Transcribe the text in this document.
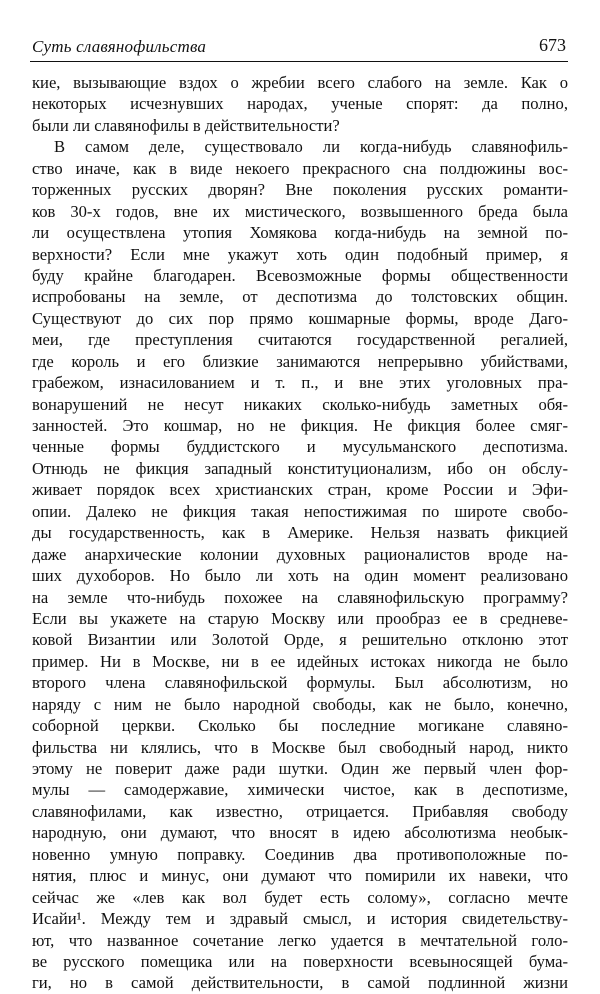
Суть славянофильства	673
кие, вызывающие вздох о жребии всего слабого на земле. Как о
некоторых исчезнувших народах, ученые спорят: да полно,
были ли славянофилы в действительности?
В самом деле, существовало ли когда-нибудь славянофиль-
ство иначе, как в виде некоего прекрасного сна полдюжины вос-
торженных русских дворян? Вне поколения русских романти-
ков 30-х годов, вне их мистического, возвышенного бреда была
ли осуществлена утопия Хомякова когда-нибудь на земной по-
верхности? Если мне укажут хоть один подобный пример, я
буду крайне благодарен. Всевозможные формы общественности
испробованы на земле, от деспотизма до толстовских общин.
Существуют до сих пор прямо кошмарные формы, вроде Даго-
меи, где преступления считаются государственной регалией,
где король и его близкие занимаются непрерывно убийствами,
грабежом, изнасилованием и т. п., и вне этих уголовных пра-
вонарушений не несут никаких сколько-нибудь заметных обя-
занностей. Это кошмар, но не фикция. Не фикция более смяг-
ченные формы буддистского и мусульманского деспотизма.
Отнюдь не фикция западный конституционализм, ибо он обслу-
живает порядок всех христианских стран, кроме России и Эфи-
опии. Далеко не фикция такая непостижимая по широте свобо-
ды государственность, как в Америке. Нельзя назвать фикцией
даже анархические колонии духовных рационалистов вроде на-
ших духоборов. Но было ли хоть на один момент реализовано
на земле что-нибудь похожее на славянофильскую программу?
Если вы укажете на старую Москву или прообраз ее в средневе-
ковой Византии или Золотой Орде, я решительно отклоню этот
пример. Ни в Москве, ни в ее идейных истоках никогда не было
второго члена славянофильской формулы. Был абсолютизм, но
наряду с ним не было народной свободы, как не было, конечно,
соборной церкви. Сколько бы последние могикане славяно-
фильства ни клялись, что в Москве был свободный народ, никто
этому не поверит даже ради шутки. Один же первый член фор-
мулы — самодержавие, химически чистое, как в деспотизме,
славянофилами, как известно, отрицается. Прибавляя свободу
народную, они думают, что вносят в идею абсолютизма необык-
новенно умную поправку. Соединив два противоположные по-
нятия, плюс и минус, они думают что помирили их навеки, что
сейчас же «лев как вол будет есть солому», согласно мечте
Исайи¹. Между тем и здравый смысл, и история свидетельству-
ют, что названное сочетание легко удается в мечтательной голо-
ве русского помещика или на поверхности всевыносящей бума-
ги, но в самой действительности, в самой подлинной жизни
